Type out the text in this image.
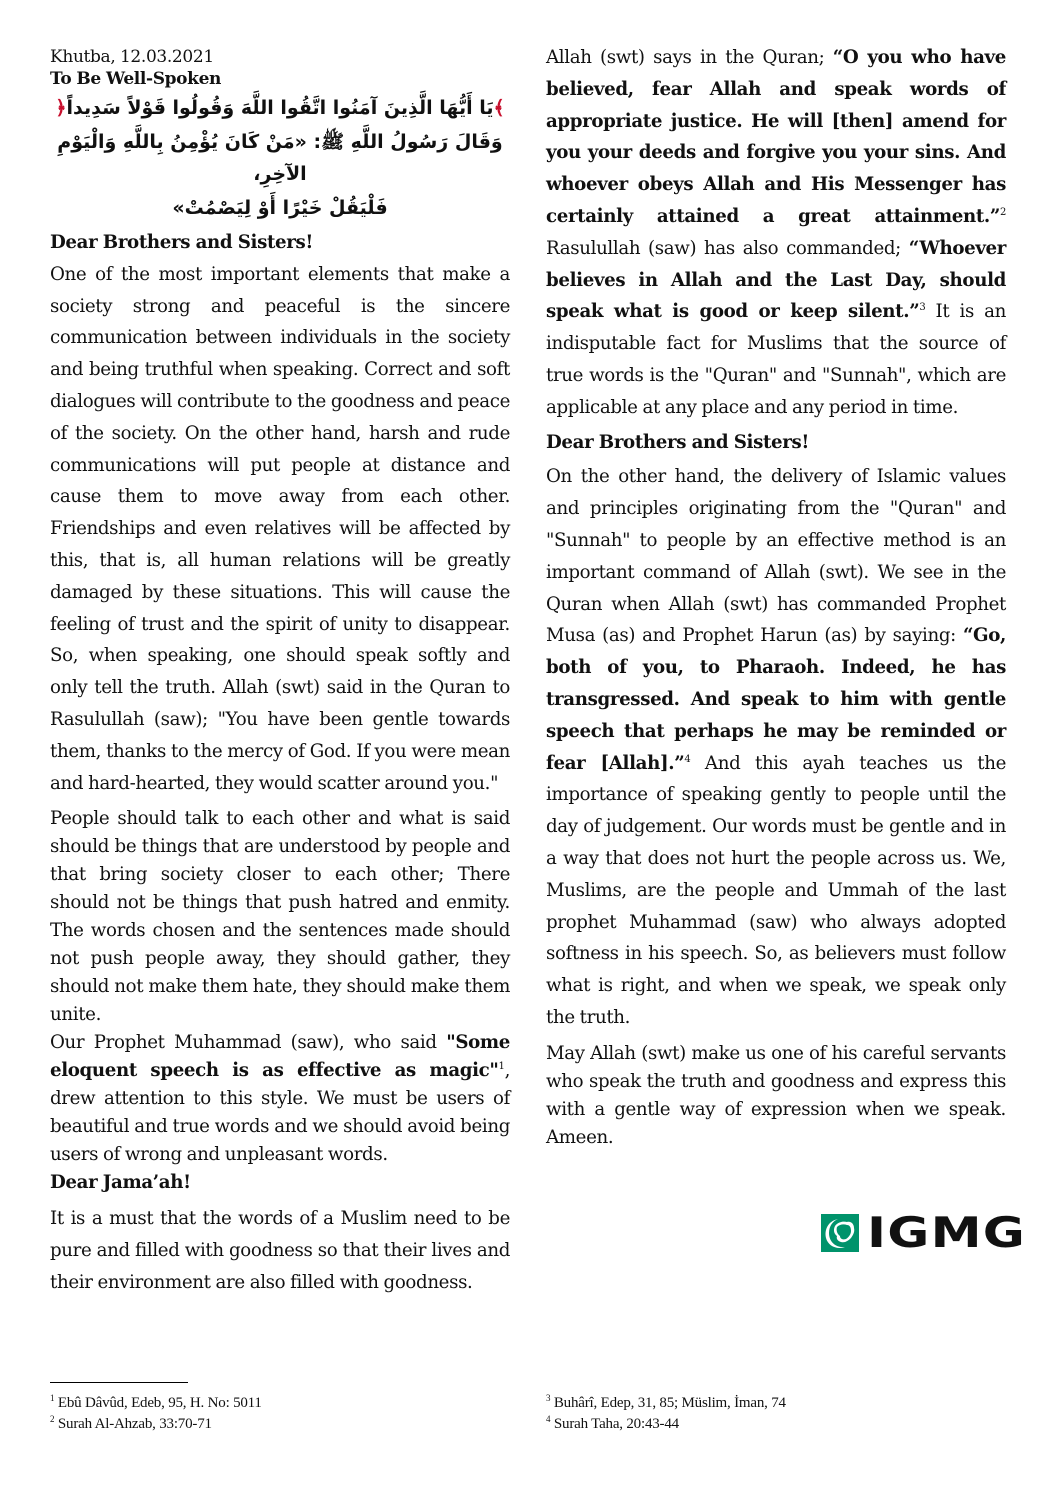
Khutba, 12.03.2021

To Be Well-Spoken

﴾يَا أَيُّهَا الَّذِينَ آمَنُوا اتَّقُوا اللَّهَ وَقُولُوا قَوْلاً سَدِيداً﴿

وَقَالَ رَسُولُ اللَّهِ ﷺ: «مَنْ كَانَ يُؤْمِنُ بِاللَّهِ وَالْيَوْمِ الآخِرِ،

فَلْيَقُلْ خَيْرًا أَوْ لِيَصْمُتْ»

Dear Brothers and Sisters!

One of the most important elements that make a society strong and peaceful is the sincere communication between individuals in the society and being truthful when speaking. Correct and soft dialogues will contribute to the goodness and peace of the society. On the other hand, harsh and rude communications will put people at distance and cause them to move away from each other. Friendships and even relatives will be affected by this, that is, all human relations will be greatly damaged by these situations. This will cause the feeling of trust and the spirit of unity to disappear. So, when speaking, one should speak softly and only tell the truth. Allah (swt) said in the Quran to Rasulullah (saw); "You have been gentle towards them, thanks to the mercy of God. If you were mean and hard-hearted, they would scatter around you."

People should talk to each other and what is said should be things that are understood by people and that bring society closer to each other; There should not be things that push hatred and enmity. The words chosen and the sentences made should not push people away, they should gather, they should not make them hate, they should make them unite.

Our Prophet Muhammad (saw), who said "Some eloquent speech is as effective as magic"$^1$, drew attention to this style. We must be users of beautiful and true words and we should avoid being users of wrong and unpleasant words.

Dear Jama’ah!

It is a must that the words of a Muslim need to be pure and filled with goodness so that their lives and their environment are also filled with goodness.

Allah (swt) says in the Quran; “O you who have believed, fear Allah and speak words of appropriate justice. He will [then] amend for you your deeds and forgive you your sins. And whoever obeys Allah and His Messenger has certainly attained a great attainment.”$^2$ Rasulullah (saw) has also commanded; “Whoever believes in Allah and the Last Day, should speak what is good or keep silent.”$^3$ It is an indisputable fact for Muslims that the source of true words is the "Quran" and "Sunnah", which are applicable at any place and any period in time.

Dear Brothers and Sisters!

On the other hand, the delivery of Islamic values and principles originating from the "Quran" and "Sunnah" to people by an effective method is an important command of Allah (swt). We see in the Quran when Allah (swt) has commanded Prophet Musa (as) and Prophet Harun (as) by saying: “Go, both of you, to Pharaoh. Indeed, he has transgressed. And speak to him with gentle speech that perhaps he may be reminded or fear [Allah].”$^4$ And this ayah teaches us the importance of speaking gently to people until the day of judgement. Our words must be gentle and in a way that does not hurt the people across us. We, Muslims, are the people and Ummah of the last prophet Muhammad (saw) who always adopted softness in his speech. So, as believers must follow what is right, and when we speak, we speak only the truth.

May Allah (swt) make us one of his careful servants who speak the truth and goodness and express this with a gentle way of expression when we speak. Ameen.

IGMG
$^1$ Ebû Dâvûd, Edeb, 95, H. No: 5011
$^2$ Surah Al-Ahzab, 33:70-71
$^3$ Buhârî, Edep, 31, 85; Müslim, İman, 74
$^4$ Surah Taha, 20:43-44
